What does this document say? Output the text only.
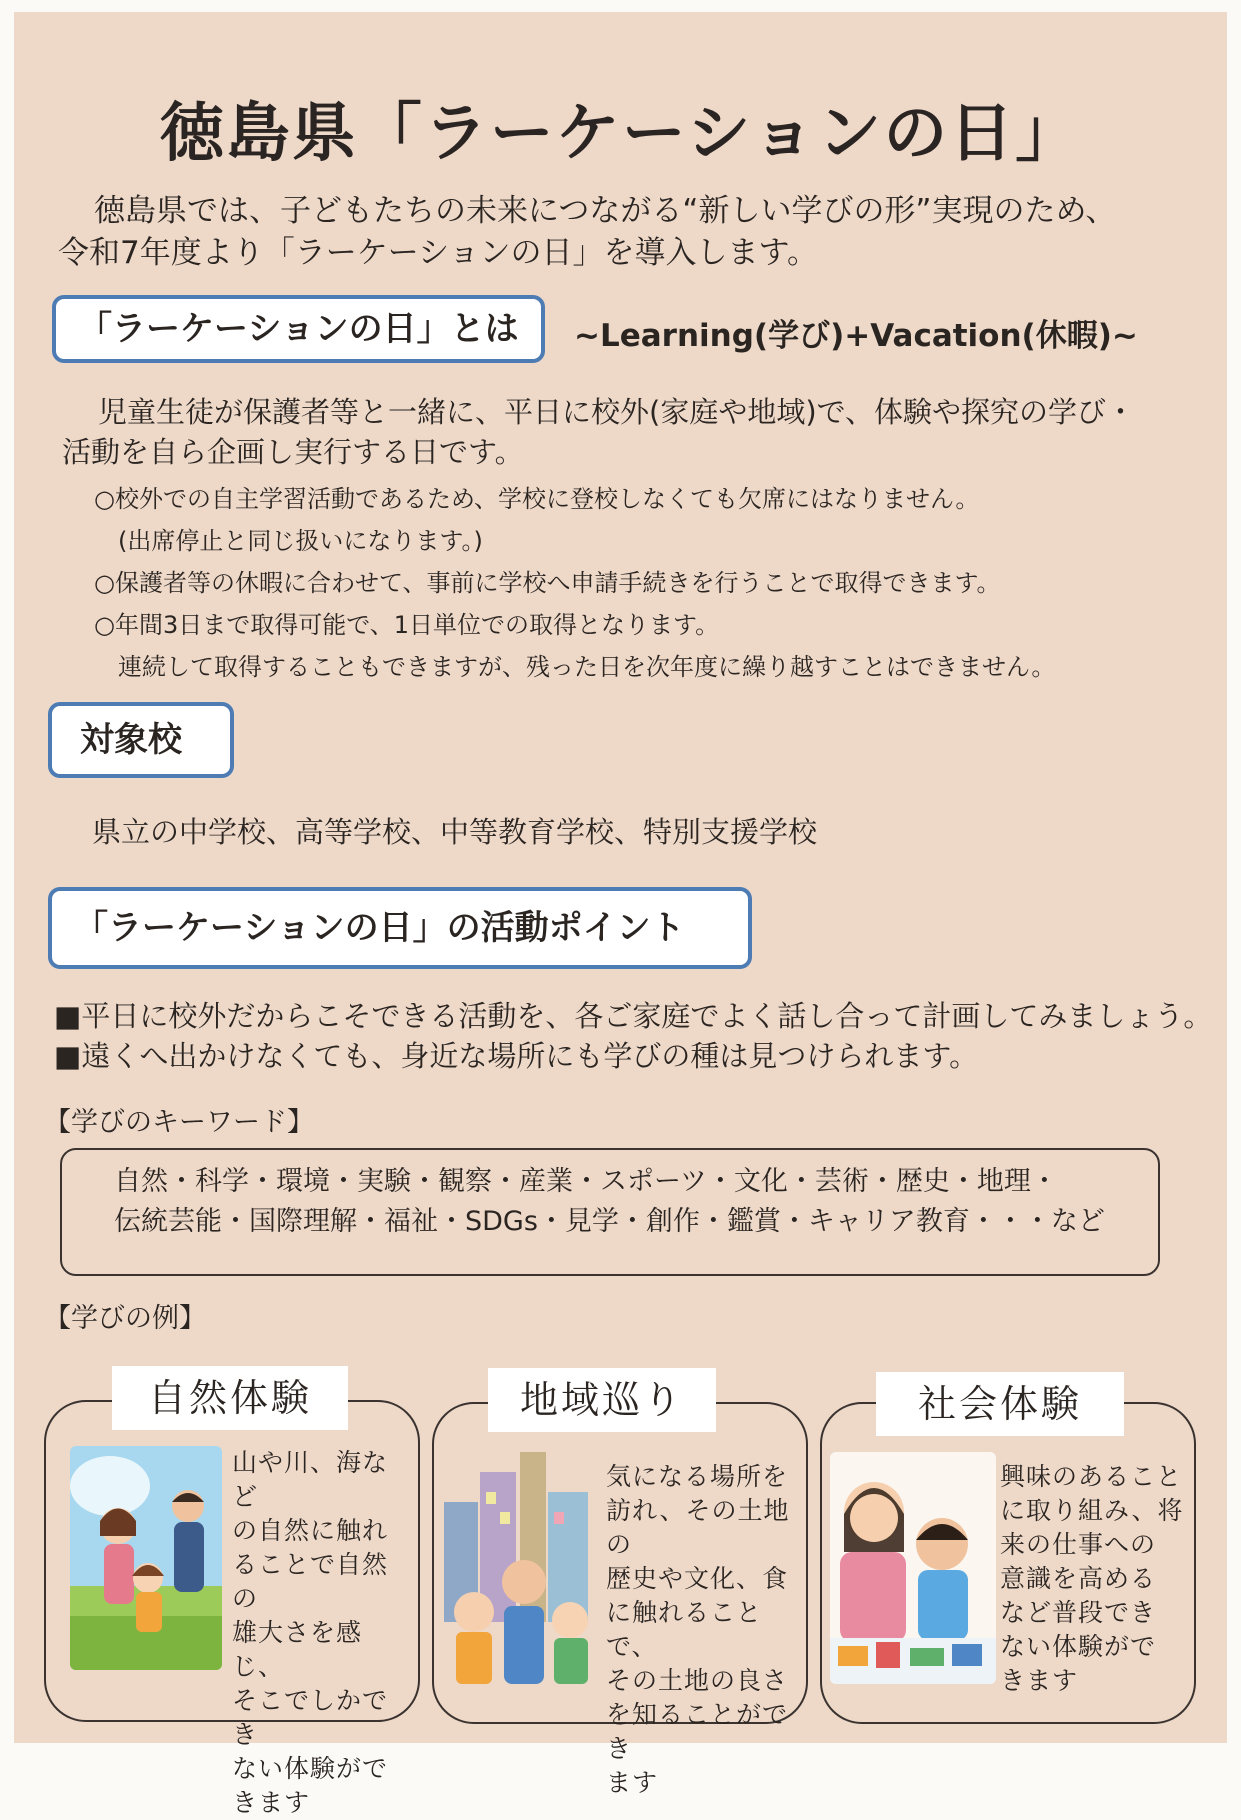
徳島県「ラーケーションの日」
徳島県では、子どもたちの未来につながる“新しい学びの形”実現のため、
令和7年度より「ラーケーションの日」を導入します。
「ラーケーションの日」とは	~Learning(学び)+Vacation(休暇)~
児童生徒が保護者等と一緒に、平日に校外(家庭や地域)で、体験や探究の学び・
活動を自ら企画し実行する日です。
○校外での自主学習活動であるため、学校に登校しなくても欠席にはなりません。
(出席停止と同じ扱いになります。)
○保護者等の休暇に合わせて、事前に学校へ申請手続きを行うことで取得できます。
○年間3日まで取得可能で、1日単位での取得となります。
連続して取得することもできますが、残った日を次年度に繰り越すことはできません。
対象校
県立の中学校、高等学校、中等教育学校、特別支援学校
「ラーケーションの日」の活動ポイント
■平日に校外だからこそできる活動を、各ご家庭でよく話し合って計画してみましょう。
■遠くへ出かけなくても、身近な場所にも学びの種は見つけられます。
【学びのキーワード】
自然・科学・環境・実験・観察・産業・スポーツ・文化・芸術・歴史・地理・
伝統芸能・国際理解・福祉・SDGs・見学・創作・鑑賞・キャリア教育・・・など
【学びの例】
自然体験
山や川、海など
の自然に触れ
ることで自然の
雄大さを感じ、
そこでしかでき
ない体験がで
きます
地域巡り
気になる場所を
訪れ、その土地の
歴史や文化、食
に触れることで、
その土地の良さ
を知ることができ
ます
社会体験
興味のあること
に取り組み、将
来の仕事への
意識を高める
など普段でき
ない体験がで
きます
